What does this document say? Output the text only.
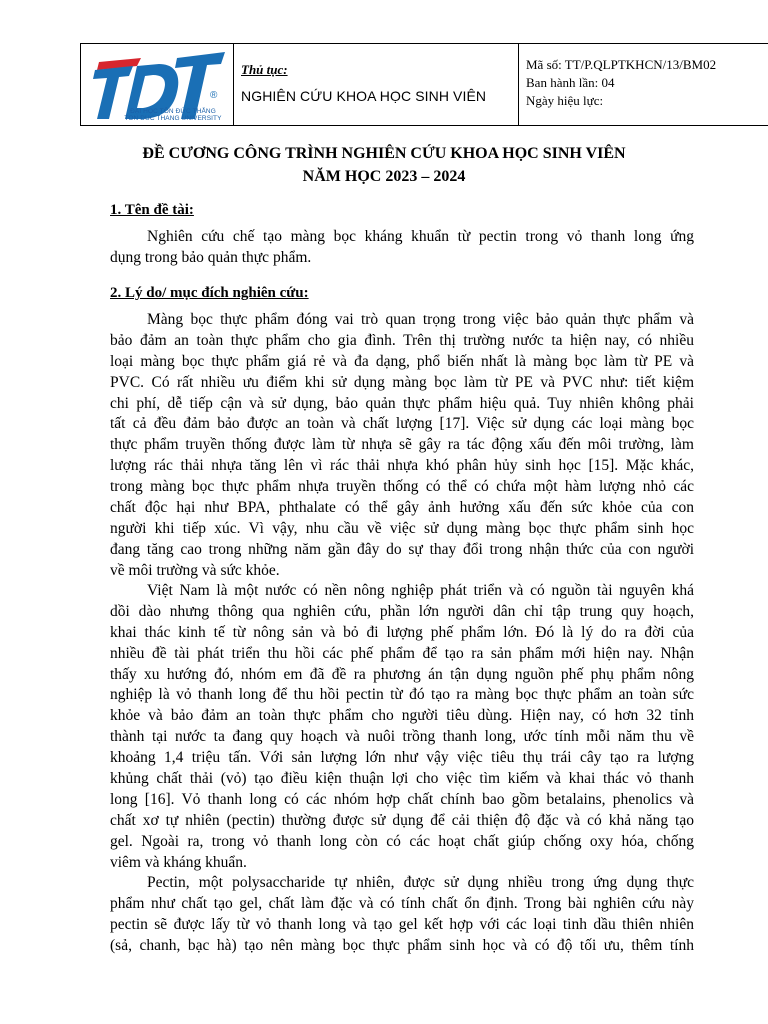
®
ĐẠI HỌC TÔN ĐỨC THẮNG
TON DUC THANG UNIVERSITY
Thủ tục:
NGHIÊN CỨU KHOA HỌC SINH VIÊN
Mã số: TT/P.QLPTKHCN/13/BM02
Ban hành lần: 04
Ngày hiệu lực:
ĐỀ CƯƠNG CÔNG TRÌNH NGHIÊN CỨU KHOA HỌC SINH VIÊN
NĂM HỌC 2023 – 2024
1. Tên đề tài:
Nghiên cứu chế tạo màng bọc kháng khuẩn từ pectin trong vỏ thanh long ứng
dụng trong bảo quản thực phẩm.
2. Lý do/ mục đích nghiên cứu:
Màng bọc thực phẩm đóng vai trò quan trọng trong việc bảo quản thực phẩm và
bảo đảm an toàn thực phẩm cho gia đình. Trên thị trường nước ta hiện nay, có nhiều
loại màng bọc thực phẩm giá rẻ và đa dạng, phổ biến nhất là màng bọc làm từ PE và
PVC. Có rất nhiều ưu điểm khi sử dụng màng bọc làm từ PE và PVC như: tiết kiệm
chi phí, dễ tiếp cận và sử dụng, bảo quản thực phẩm hiệu quả. Tuy nhiên không phải
tất cả đều đảm bảo được an toàn và chất lượng [17]. Việc sử dụng các loại màng bọc
thực phẩm truyền thống được làm từ nhựa sẽ gây ra tác động xấu đến môi trường, làm
lượng rác thải nhựa tăng lên vì rác thải nhựa khó phân hủy sinh học [15]. Mặc khác,
trong màng bọc thực phẩm nhựa truyền thống có thể có chứa một hàm lượng nhỏ các
chất độc hại như BPA, phthalate có thể gây ảnh hưởng xấu đến sức khỏe của con
người khi tiếp xúc. Vì vậy, nhu cầu về việc sử dụng màng bọc thực phẩm sinh học
đang tăng cao trong những năm gần đây do sự thay đổi trong nhận thức của con người
về môi trường và sức khỏe.
Việt Nam là một nước có nền nông nghiệp phát triển và có nguồn tài nguyên khá
dồi dào nhưng thông qua nghiên cứu, phần lớn người dân chỉ tập trung quy hoạch,
khai thác kinh tế từ nông sản và bỏ đi lượng phế phẩm lớn. Đó là lý do ra đời của
nhiều đề tài phát triển thu hồi các phế phẩm để tạo ra sản phẩm mới hiện nay. Nhận
thấy xu hướng đó, nhóm em đã đề ra phương án tận dụng nguồn phế phụ phẩm nông
nghiệp là vỏ thanh long để thu hồi pectin từ đó tạo ra màng bọc thực phẩm an toàn sức
khỏe và bảo đảm an toàn thực phẩm cho người tiêu dùng. Hiện nay, có hơn 32 tỉnh
thành tại nước ta đang quy hoạch và nuôi trồng thanh long, ước tính mỗi năm thu về
khoảng 1,4 triệu tấn. Với sản lượng lớn như vậy việc tiêu thụ trái cây tạo ra lượng
khủng chất thải (vỏ) tạo điều kiện thuận lợi cho việc tìm kiếm và khai thác vỏ thanh
long [16]. Vỏ thanh long có các nhóm hợp chất chính bao gồm betalains, phenolics và
chất xơ tự nhiên (pectin) thường được sử dụng để cải thiện độ đặc và có khả năng tạo
gel. Ngoài ra, trong vỏ thanh long còn có các hoạt chất giúp chống oxy hóa, chống
viêm và kháng khuẩn.
Pectin, một polysaccharide tự nhiên, được sử dụng nhiều trong ứng dụng thực
phẩm như chất tạo gel, chất làm đặc và có tính chất ổn định. Trong bài nghiên cứu này
pectin sẽ được lấy từ vỏ thanh long và tạo gel kết hợp với các loại tinh dầu thiên nhiên
(sả, chanh, bạc hà) tạo nên màng bọc thực phẩm sinh học và có độ tối ưu, thêm tính
